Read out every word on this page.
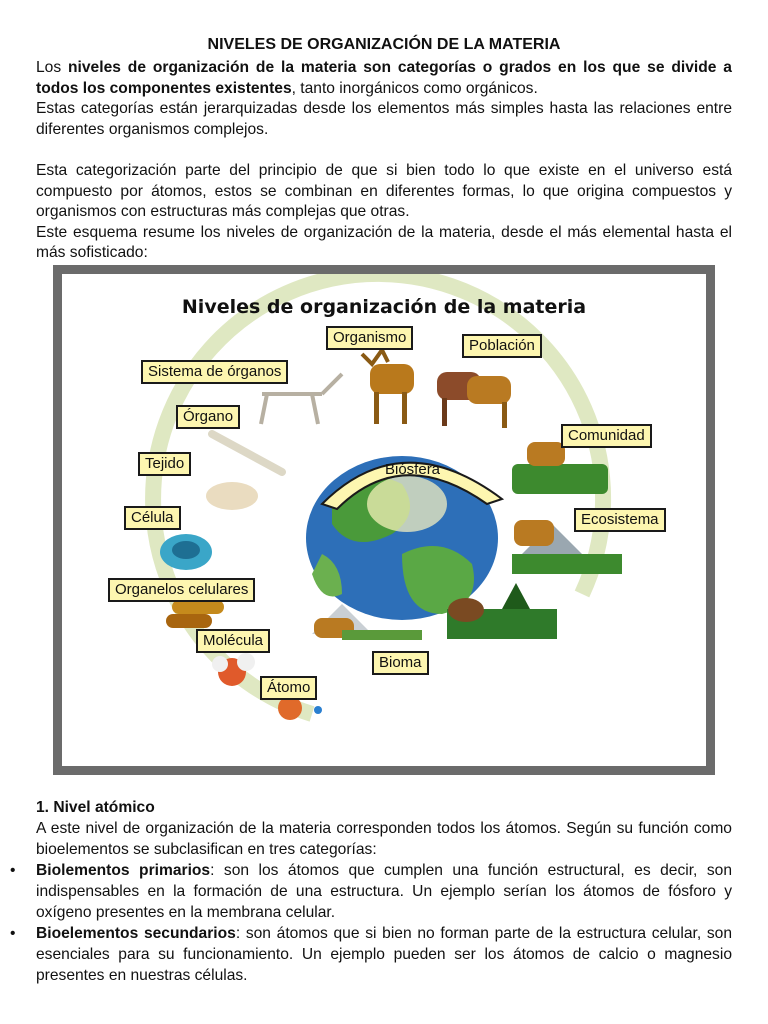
NIVELES DE ORGANIZACIÓN DE LA MATERIA
Los niveles de organización de la materia son categorías o grados en los que se divide a todos los componentes existentes, tanto inorgánicos como orgánicos.
Estas categorías están jerarquizadas desde los elementos más simples hasta las relaciones entre diferentes organismos complejos.
Esta categorización parte del principio de que si bien todo lo que existe en el universo está compuesto por átomos, estos se combinan en diferentes formas, lo que origina compuestos y organismos con estructuras más complejas que otras.
Este esquema resume los niveles de organización de la materia, desde el más elemental hasta el más sofisticado:
Niveles de organización de la materia
Organismo	Población
Sistema de órganos
Órgano
Comunidad
Tejido	Biósfera
Célula	Ecosistema
Organelos celulares
Molécula
Bioma
Átomo
1. Nivel atómico
A este nivel de organización de la materia corresponden todos los átomos. Según su función como bioelementos se subclasifican en tres categorías:
• Biolementos primarios: son los átomos que cumplen una función estructural, es decir, son indispensables en la formación de una estructura. Un ejemplo serían los átomos de fósforo y oxígeno presentes en la membrana celular.
• Bioelementos secundarios: son átomos que si bien no forman parte de la estructura celular, son esenciales para su funcionamiento. Un ejemplo pueden ser los átomos de calcio o magnesio presentes en nuestras células.
